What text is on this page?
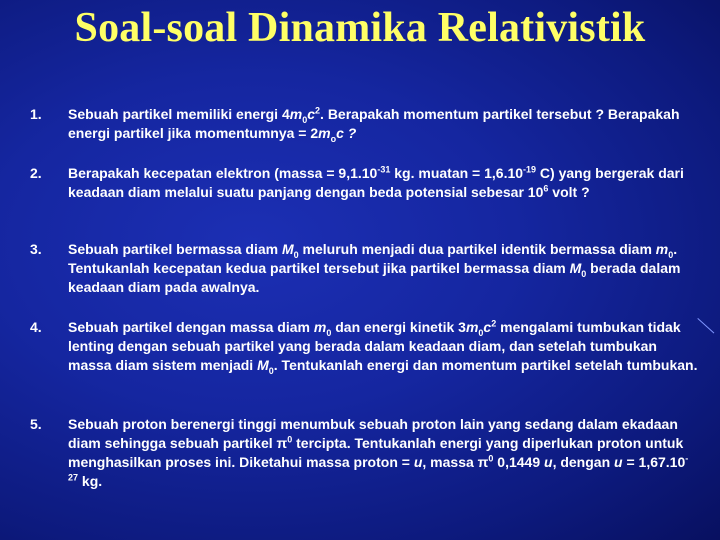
Soal-soal Dinamika Relativistik
1.	Sebuah partikel memiliki energi $4m_0c^2$. Berapakah momentum partikel tersebut ? Berapakah energi partikel jika momentumnya = $2m_oc$ ?
2.	Berapakah kecepatan elektron (massa = $9,1.10^{-31}$ kg. $muatan = 1,6.10^{-19}$ C) yang bergerak dari keadaan diam melalui suatu panjang dengan beda potensial sebesar $10^6$ volt ?
3.	Sebuah partikel bermassa diam $M_0$ meluruh menjadi dua partikel identik bermassa diam $m_0$. Tentukanlah kecepatan kedua partikel tersebut jika partikel bermassa diam $M_0$ berada dalam keadaan diam pada awalnya.
4.	Sebuah partikel dengan massa diam $m_0$ dan energi kinetik $3m_0c^2$ mengalami tumbukan tidak lenting dengan sebuah partikel yang berada dalam keadaan diam, dan setelah tumbukan massa diam sistem menjadi $M_0$. Tentukanlah energi dan momentum partikel setelah tumbukan.
5.	Sebuah proton berenergi tinggi menumbuk sebuah proton lain yang sedang dalam ekadaan diam sehingga sebuah partikel $\pi^0$ tercipta. Tentukanlah energi yang diperlukan proton untuk menghasilkan proses ini. Diketahui massa proton = u, massa $\pi^0$ 0,1449 u, dengan $u = 1,67.10^{-27}$ kg.
